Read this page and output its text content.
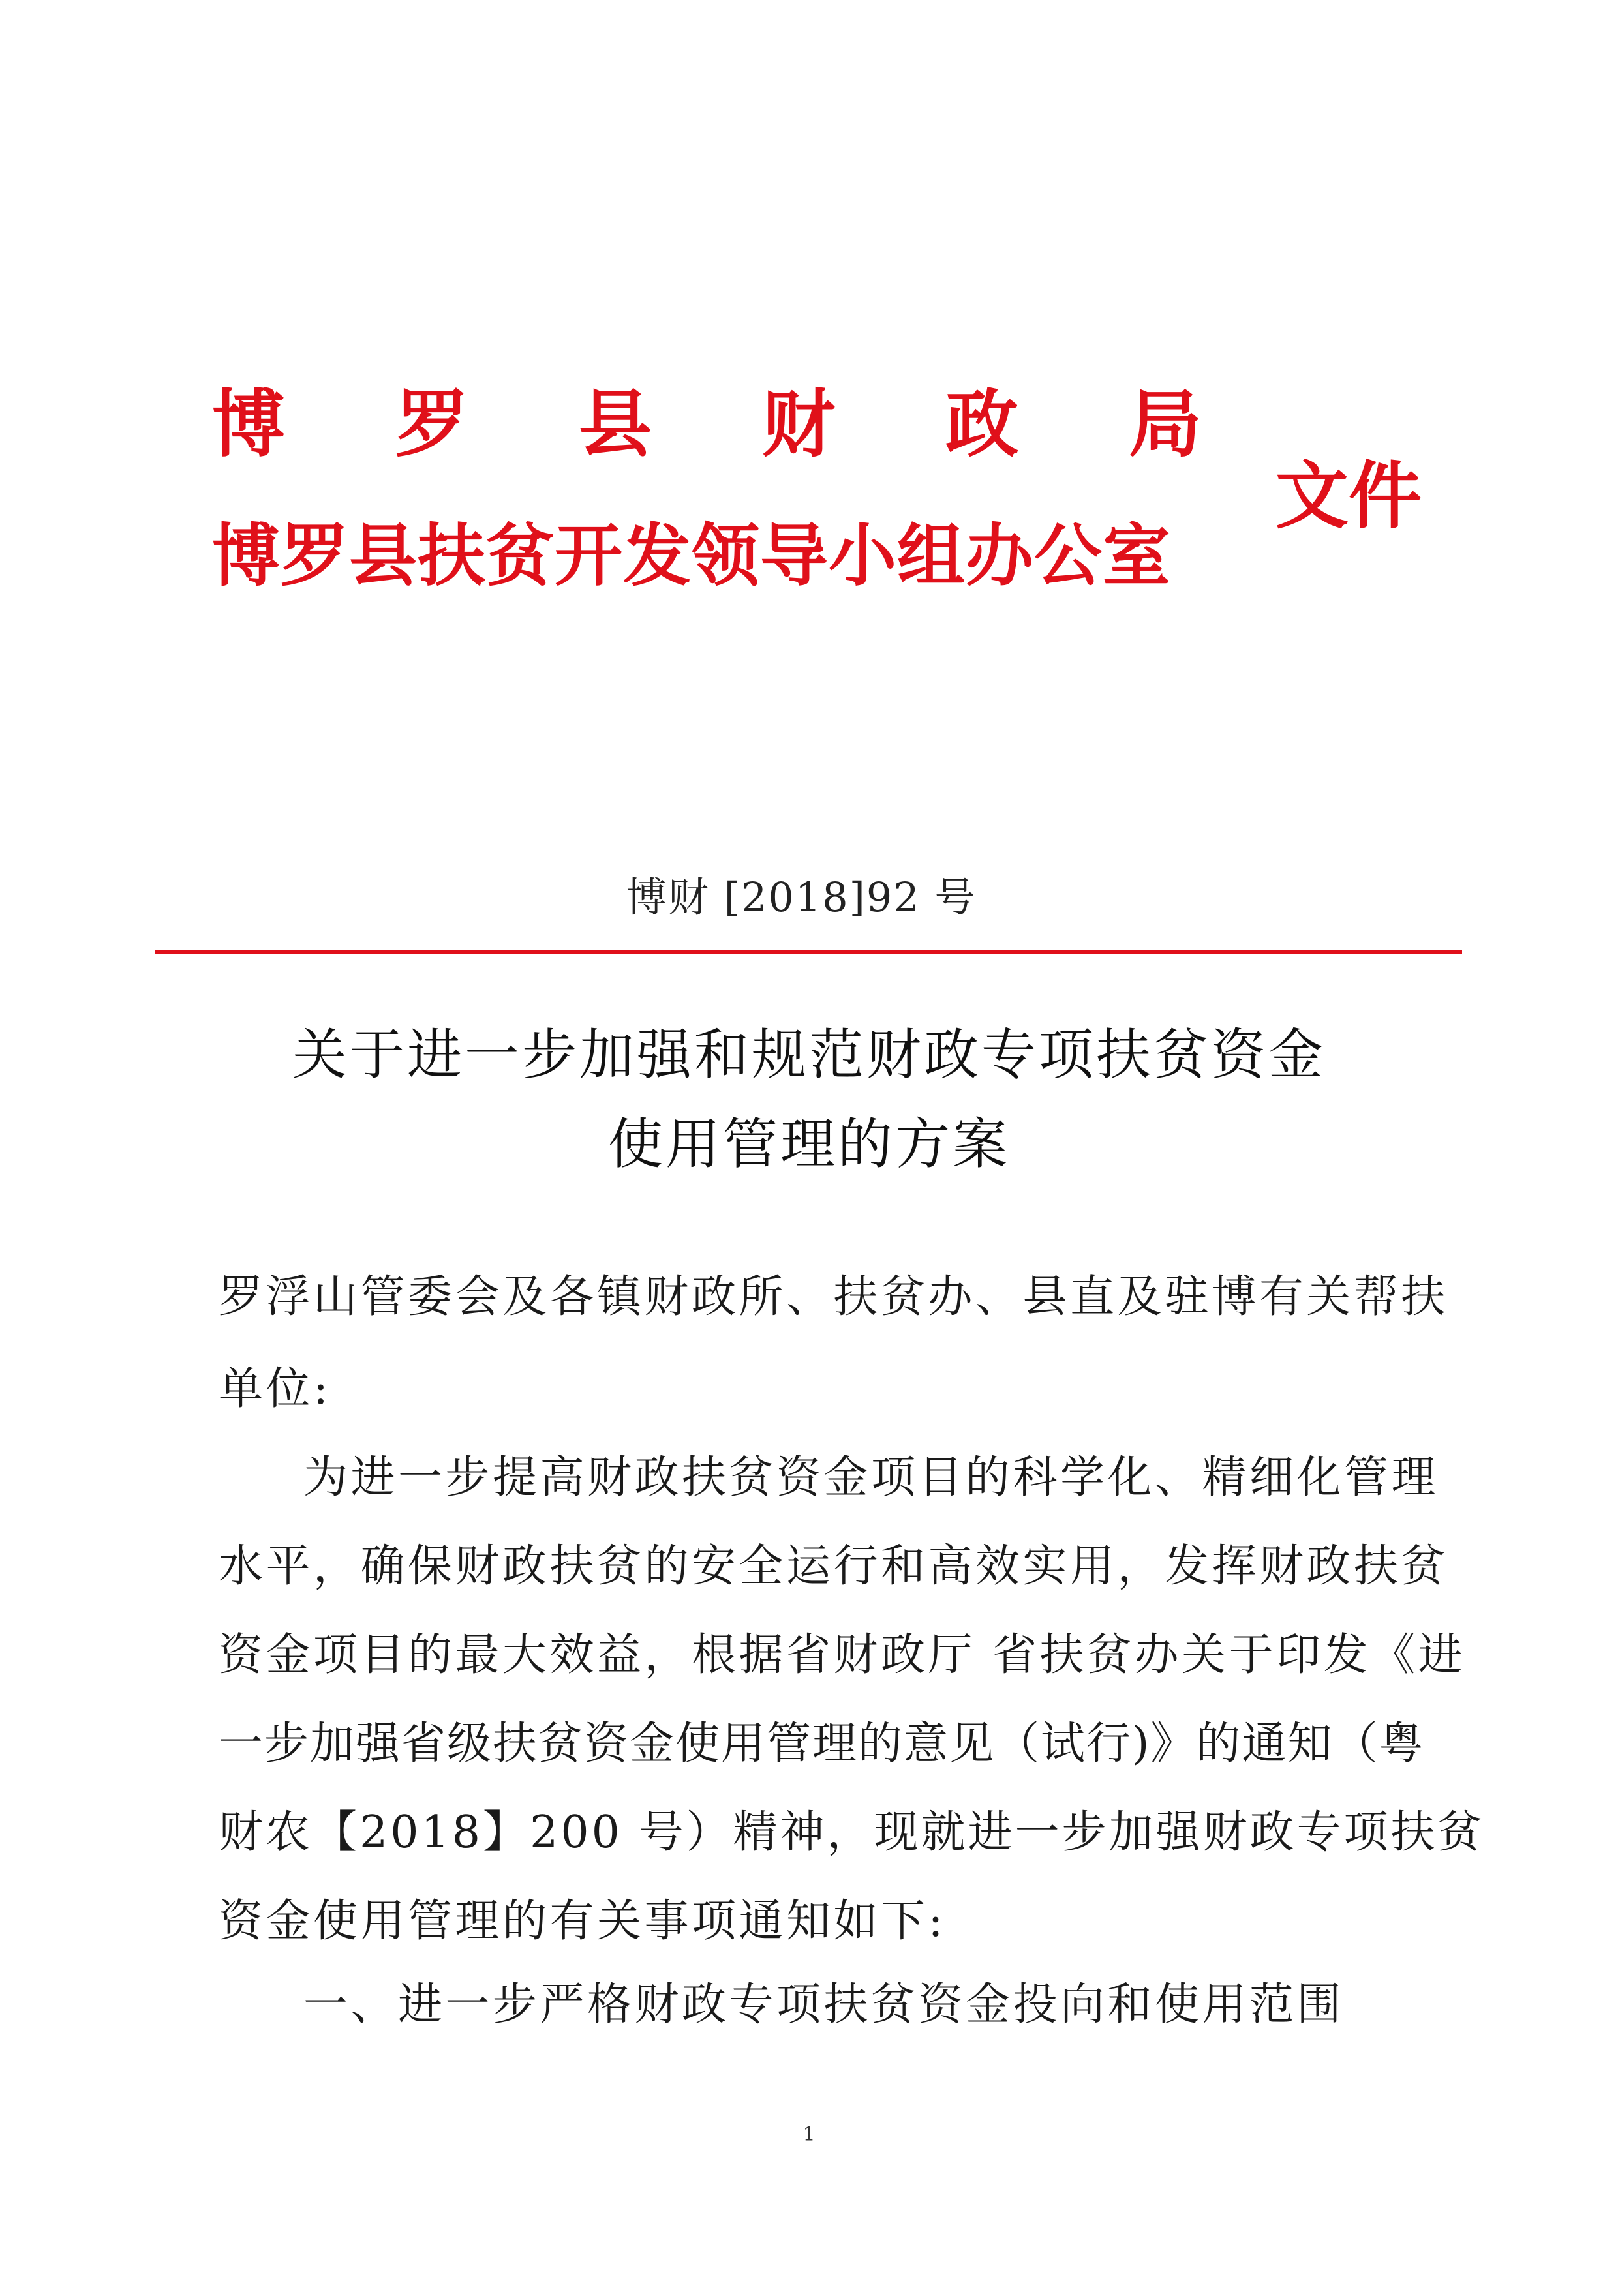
博罗县财政局
博罗县扶贫开发领导小组办公室
文件
博财 [2018]92 号
关于进一步加强和规范财政专项扶贫资金
使用管理的方案
罗浮山管委会及各镇财政所、扶贫办、县直及驻博有关帮扶
单位:
为进一步提高财政扶贫资金项目的科学化、精细化管理
水平，确保财政扶贫的安全运行和高效实用，发挥财政扶贫
资金项目的最大效益，根据省财政厅 省扶贫办关于印发《进
一步加强省级扶贫资金使用管理的意见（试行)》的通知（粤
财农【2018】200 号）精神，现就进一步加强财政专项扶贫
资金使用管理的有关事项通知如下:
一、进一步严格财政专项扶贫资金投向和使用范围
1
